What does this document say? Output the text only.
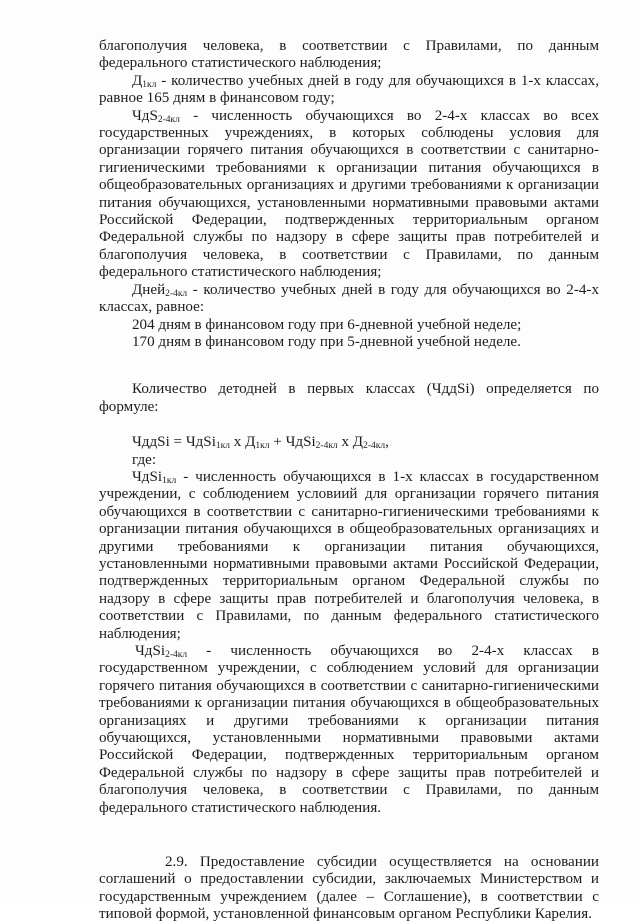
благополучия человека, в соответствии с Правилами, по данным федерального статистического наблюдения;

$Д_{1кл}$ - количество учебных дней в году для обучающихся в 1-х классах, равное 165 дням в финансовом году;

ЧдS$_{2-4кл}$ - численность обучающихся во 2-4-х классах во всех государственных учреждениях, в которых соблюдены условия для организации горячего питания обучающихся в соответствии с санитарно-гигиеническими требованиями к организации питания обучающихся в общеобразовательных организациях и другими требованиями к организации питания обучающихся, установленными нормативными правовыми актами Российской Федерации, подтвержденных территориальным органом Федеральной службы по надзору в сфере защиты прав потребителей и благополучия человека, в соответствии с Правилами, по данным федерального статистического наблюдения;

Дней$_{2-4кл}$ - количество учебных дней в году для обучающихся во 2-4-х классах, равное:

204 дням в финансовом году при 6-дневной учебной неделе;

170 дням в финансовом году при 5-дневной учебной неделе.

Количество детодней в первых классах (ЧддSi) определяется по формуле:

ЧддSi = ЧдSi$_{1кл}$ x $Д_{1кл}$ + ЧдSi$_{2-4кл}$ x $Д_{2-4кл}$,

где:

ЧдSi$_{1кл}$ - численность обучающихся в 1-х классах в государственном учреждении, с соблюдением условиий для организации горячего питания обучающихся в соответствии с санитарно-гигиеническими требованиями к организации питания обучающихся в общеобразовательных организациях и другими требованиями к организации питания обучающихся, установленными нормативными правовыми актами Российской Федерации, подтвержденных территориальным органом Федеральной службы по надзору в сфере защиты прав потребителей и благополучия человека, в соответствии с Правилами, по данным федерального статистического наблюдения;

ЧдSi$_{2-4кл}$ - численность обучающихся во 2-4-х классах в государственном учреждении, с соблюдением условий для организации горячего питания обучающихся в соответствии с санитарно-гигиеническими требованиями к организации питания обучающихся в общеобразовательных организациях и другими требованиями к организации питания обучающихся, установленными нормативными правовыми актами Российской Федерации, подтвержденных территориальным органом Федеральной службы по надзору в сфере защиты прав потребителей и благополучия человека, в соответствии с Правилами, по данным федерального статистического наблюдения.

2.9. Предоставление субсидии осуществляется на основании соглашений о предоставлении субсидии, заключаемых Министерством и государственным учреждением (далее – Соглашение), в соответствии с типовой формой, установленной финансовым органом Республики Карелия.
